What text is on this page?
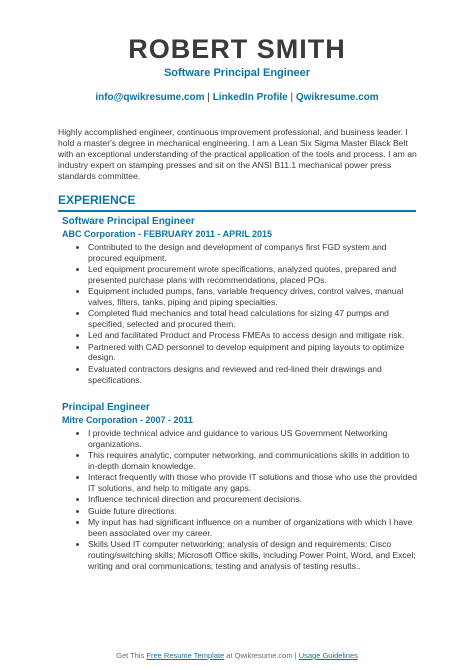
ROBERT SMITH
Software Principal Engineer
info@qwikresume.com | LinkedIn Profile | Qwikresume.com
Highly accomplished engineer, continuous improvement professional, and business leader. I hold a master's degree in mechanical engineering. I am a Lean Six Sigma Master Black Belt with an exceptional understanding of the practical application of the tools and process. I am an industry expert on stamping presses and sit on the ANSI B11.1 mechanical power press standards committee.
EXPERIENCE
Software Principal Engineer
ABC Corporation - FEBRUARY 2011 - APRIL 2015
Contributed to the design and development of companys first FGD system and procured equipment.
Led equipment procurement wrote specifications, analyzed quotes, prepared and presented purchase plans with recommendations, placed POs.
Equipment included pumps, fans, variable frequency drives, control valves, manual valves, filters, tanks, piping and piping specialties.
Completed fluid mechanics and total head calculations for sizing 47 pumps and specified, selected and procured them.
Led and facilitated Product and Process FMEAs to access design and mitigate risk.
Partnered with CAD personnel to develop equipment and piping layouts to optimize design.
Evaluated contractors designs and reviewed and red-lined their drawings and specifications.
Principal Engineer
Mitre Corporation - 2007 - 2011
I provide technical advice and guidance to various US Government Networking organizations.
This requires analytic, computer networking, and communications skills in addition to in-depth domain knowledge.
Interact frequently with those who provide IT solutions and those who use the provided IT solutions, and help to mitigate any gaps.
Influence technical direction and procurement decisions.
Guide future directions.
My input has had significant influence on a number of organizations with which I have been associated over my career.
Skills Used IT computer networking; analysis of design and requirements; Cisco routing/switching skills; Microsoft Office skills, including Power Point, Word, and Excel; writing and oral communications; testing and analysis of testing results..
Get This Free Resume Template at Qwikresume.com | Usage Guidelines
